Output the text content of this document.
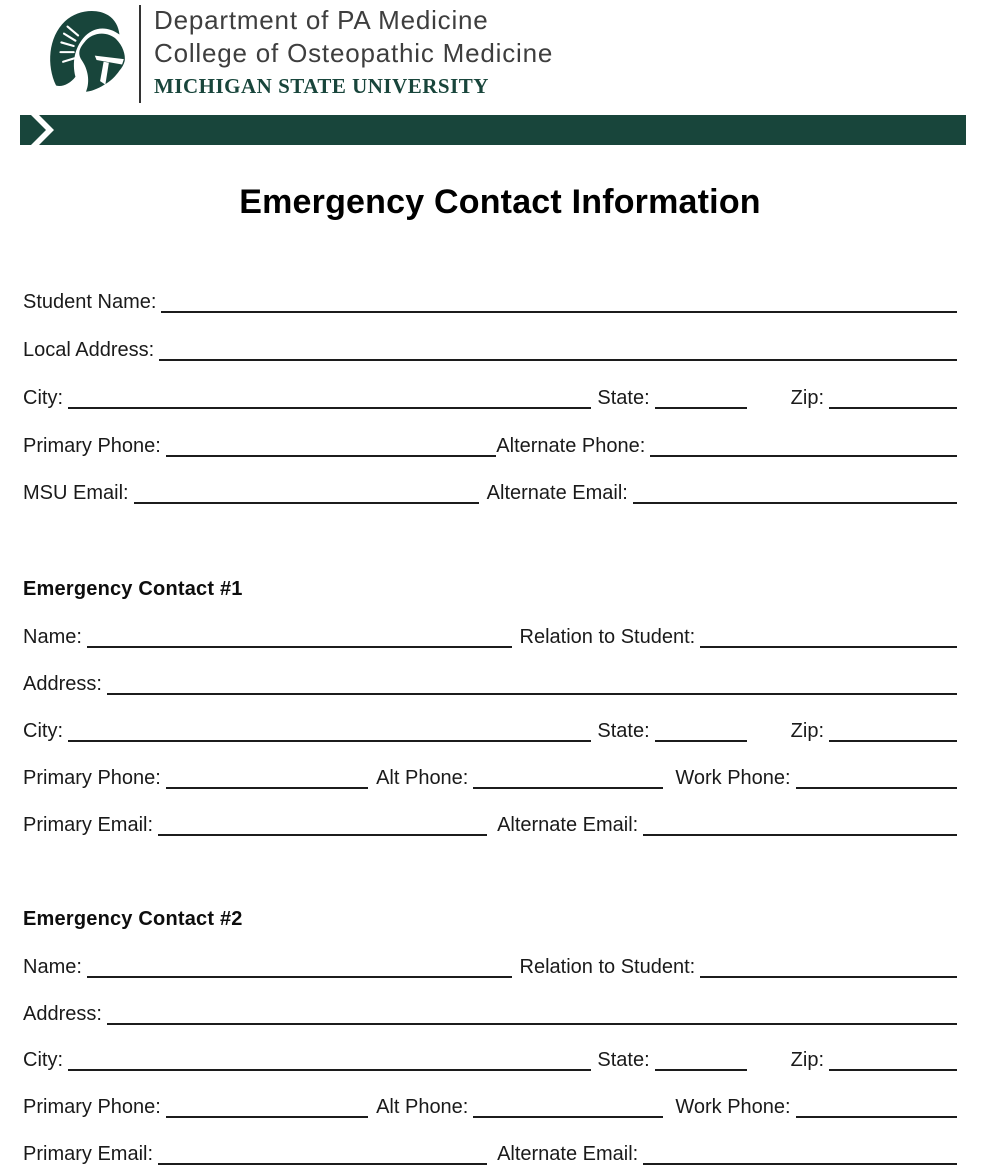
Department of PA Medicine
College of Osteopathic Medicine
MICHIGAN STATE UNIVERSITY
Emergency Contact Information
Student Name:
Local Address:
City:	State:	Zip:
Primary Phone:	Alternate Phone:
MSU Email:	Alternate Email:
Emergency Contact #1
Name:	Relation to Student:
Address:
City:	State:	Zip:
Primary Phone:	Alt Phone:	Work Phone:
Primary Email:	Alternate Email:
Emergency Contact #2
Name:	Relation to Student:
Address:
City:	State:	Zip:
Primary Phone:	Alt Phone:	Work Phone:
Primary Email:	Alternate Email:
